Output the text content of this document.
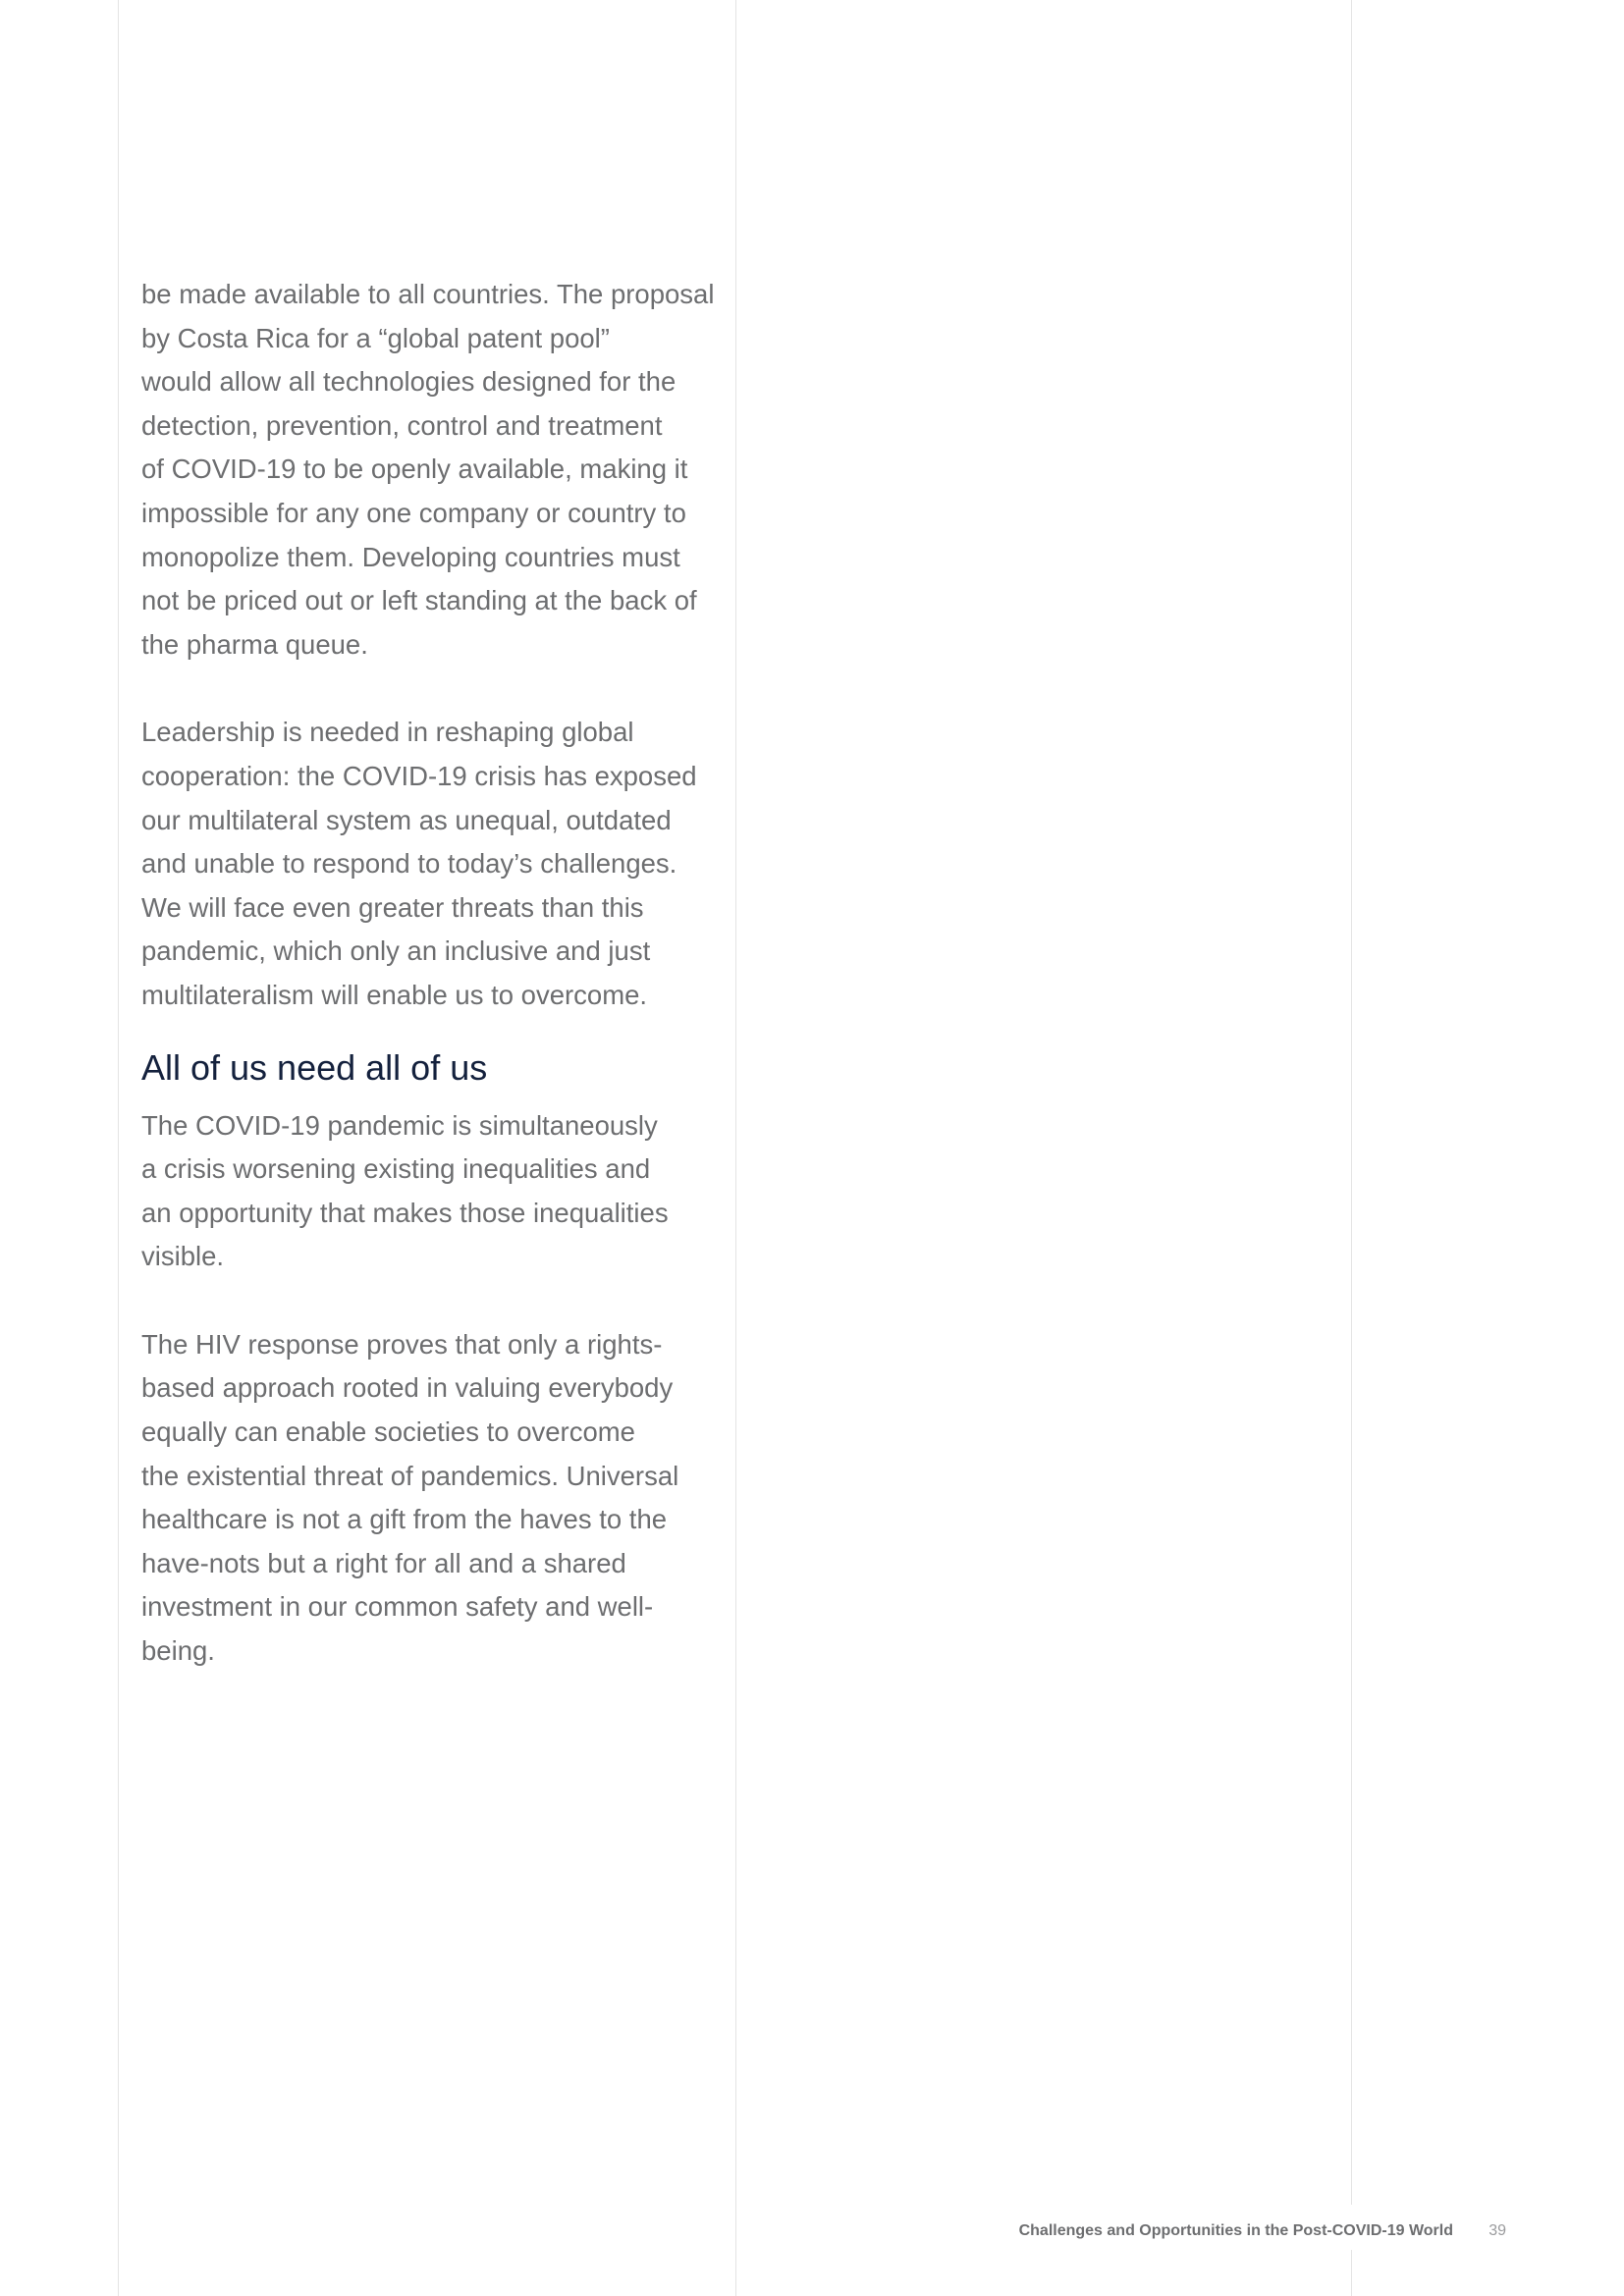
be made available to all countries. The proposal
by Costa Rica for a “global patent pool”
would allow all technologies designed for the
detection, prevention, control and treatment
of COVID-19 to be openly available, making it
impossible for any one company or country to
monopolize them. Developing countries must
not be priced out or left standing at the back of
the pharma queue.

Leadership is needed in reshaping global
cooperation: the COVID-19 crisis has exposed
our multilateral system as unequal, outdated
and unable to respond to today’s challenges.
We will face even greater threats than this
pandemic, which only an inclusive and just
multilateralism will enable us to overcome.

All of us need all of us

The COVID-19 pandemic is simultaneously
a crisis worsening existing inequalities and
an opportunity that makes those inequalities
visible.

The HIV response proves that only a rights-
based approach rooted in valuing everybody
equally can enable societies to overcome
the existential threat of pandemics. Universal
healthcare is not a gift from the haves to the
have-nots but a right for all and a shared
investment in our common safety and well-
being.

Challenges and Opportunities in the Post-COVID-19 World 39
